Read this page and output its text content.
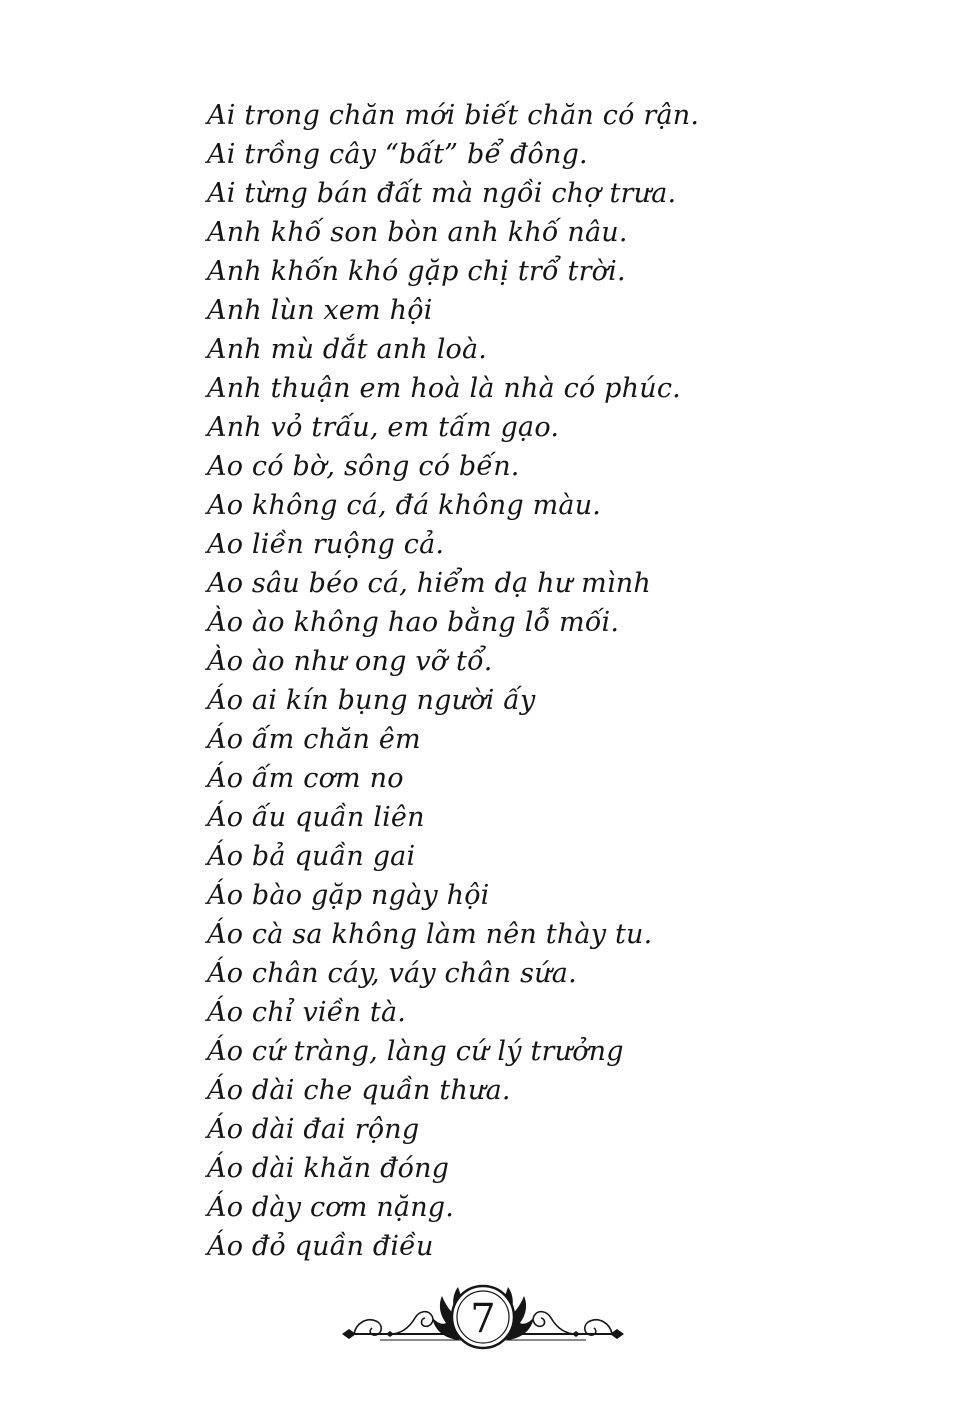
Ai trong chăn mới biết chăn có rận.
Ai trồng cây “bất” bể đông.
Ai từng bán đất mà ngồi chợ trưa.
Anh khố son bòn anh khố nâu.
Anh khốn khó gặp chị trổ trời.
Anh lùn xem hội
Anh mù dắt anh loà.
Anh thuận em hoà là nhà có phúc.
Anh vỏ trấu, em tấm gạo.
Ao có bờ, sông có bến.
Ao không cá, đá không màu.
Ao liền ruộng cả.
Ao sâu béo cá, hiểm dạ hư mình
Ào ào không hao bằng lỗ mối.
Ào ào như ong vỡ tổ.
Áo ai kín bụng người ấy
Áo ấm chăn êm
Áo ấm cơm no
Áo ấu quần liên
Áo bả quần gai
Áo bào gặp ngày hội
Áo cà sa không làm nên thày tu.
Áo chân cáy, váy chân sứa.
Áo chỉ viền tà.
Áo cứ tràng, làng cứ lý trưởng
Áo dài che quần thưa.
Áo dài đai rộng
Áo dài khăn đóng
Áo dày cơm nặng.
Áo đỏ quần điều
7
